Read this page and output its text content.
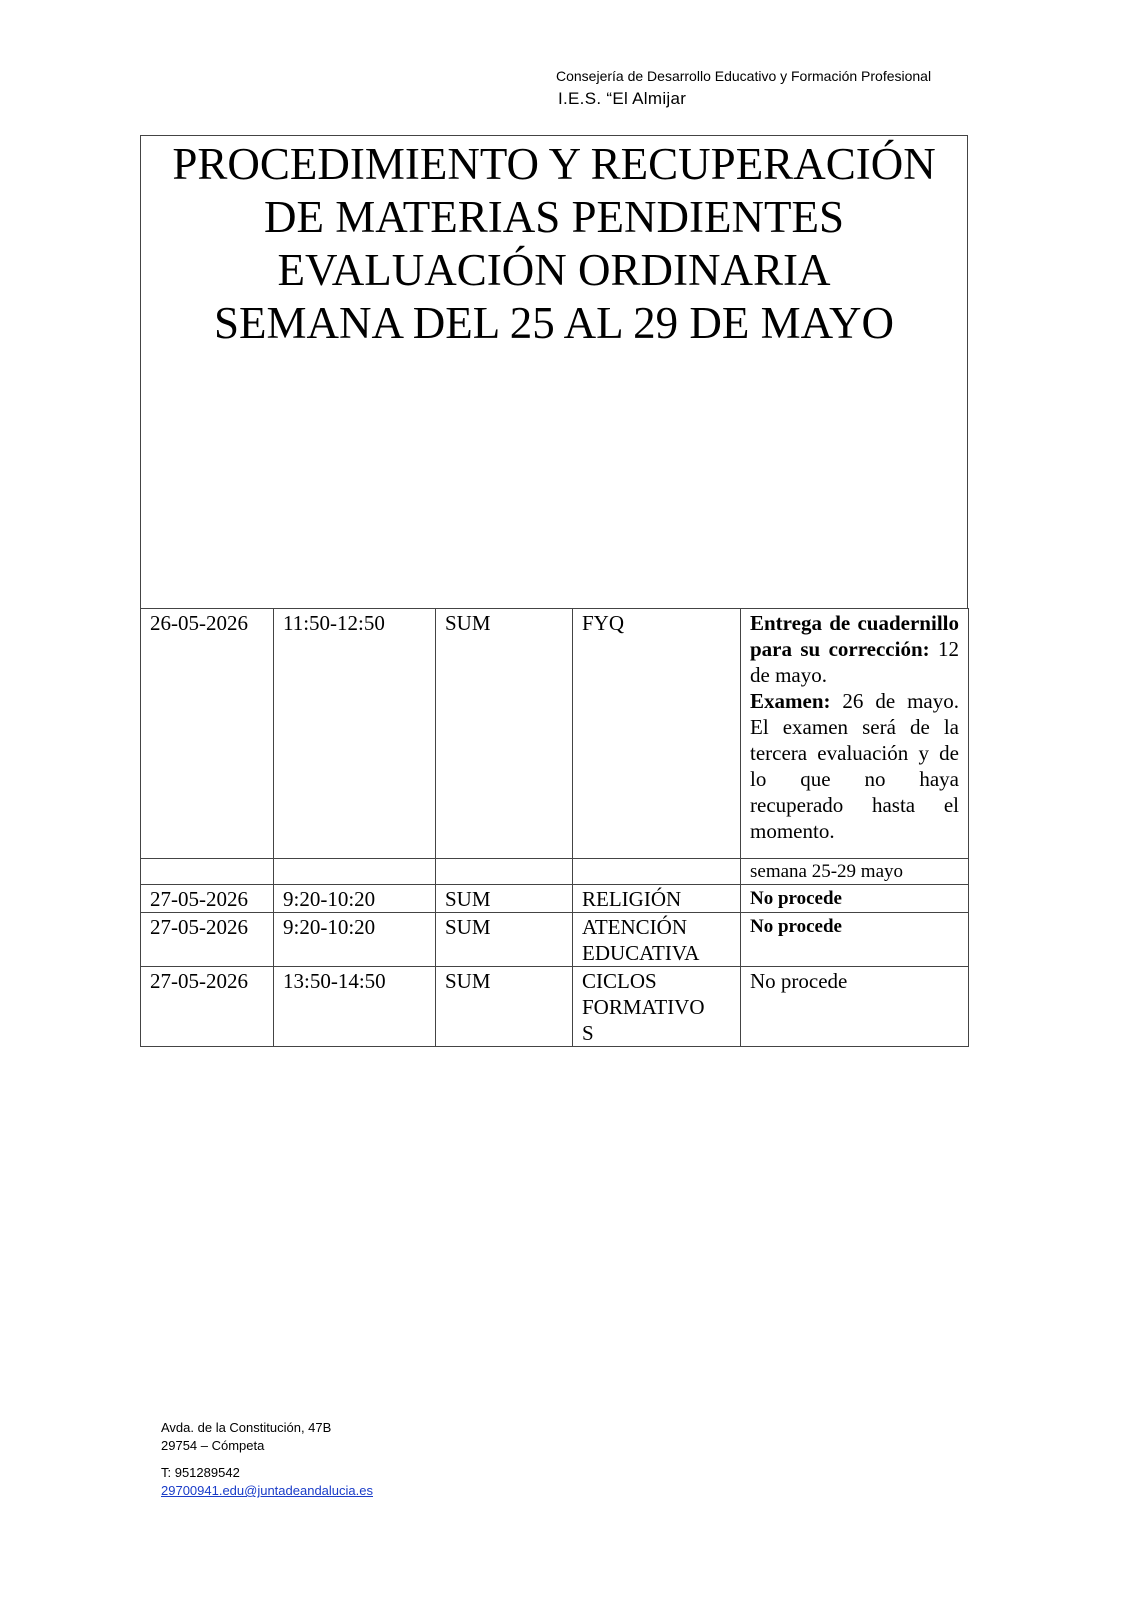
Consejería de Desarrollo Educativo y Formación Profesional
I.E.S. “El Almijar

PROCEDIMIENTO Y RECUPERACIÓN

DE MATERIAS PENDIENTES

EVALUACIÓN ORDINARIA

SEMANA DEL 25 AL 29 DE MAYO

26-05-2026	11:50-12:50	SUM	FYQ	Entrega de cuadernillo para su corrección: 12 de mayo.
Examen: 26 de mayo. El examen será de la tercera evaluación y de lo que no haya recuperado hasta el momento.
				semana 25-29 mayo
27-05-2026	9:20-10:20	SUM	RELIGIÓN	No procede
27-05-2026	9:20-10:20	SUM	ATENCIÓN
EDUCATIVA	No procede
27-05-2026	13:50-14:50	SUM	CICLOS
FORMATIVO
S	No procede
Avda. de la Constitución, 47B
29754 – Cómpeta
T: 951289542
29700941.edu@juntadeandalucia.es
